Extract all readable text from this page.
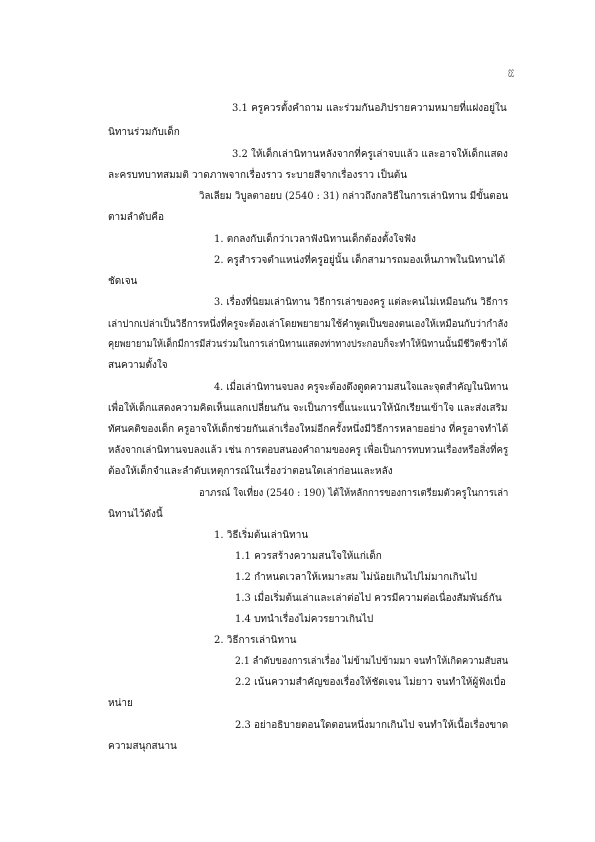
33
3.1 ครูควรตั้งคำถาม และร่วมกันอภิปรายความหมายที่แฝงอยู่ใน
นิทานร่วมกับเด็ก
3.2 ให้เด็กเล่านิทานหลังจากที่ครูเล่าจบแล้ว และอาจให้เด็กแสดง
ละครบทบาทสมมติ วาดภาพจากเรื่องราว ระบายสีจากเรื่องราว เป็นต้น
วิลเลียม วิบูลตาอยบ (2540 : 31) กล่าวถึงกลวิธีในการเล่านิทาน มีขั้นตอน
ตามลำดับคือ
1. ตกลงกับเด็กว่าเวลาฟังนิทานเด็กต้องตั้งใจฟัง
2. ครูสำรวจตำแหน่งที่ครูอยู่นั้น เด็กสามารถมองเห็นภาพในนิทานได้
ชัดเจน
3. เรื่องที่นิยมเล่านิทาน วิธีการเล่าของครู แต่ละคนไม่เหมือนกัน วิธีการ
เล่าปากเปล่าเป็นวิธีการหนึ่งที่ครูจะต้องเล่าโดยพยายามใช้คำพูดเป็นของตนเองให้เหมือนกับว่ากำลัง
คุยพยายามให้เด็กมีการมีส่วนร่วมในการเล่านิทานแสดงท่าทางประกอบก็จะทำให้นิทานนั้นมีชีวิตชีวาได้
สนความตั้งใจ
4. เมื่อเล่านิทานจบลง ครูจะต้องดึงดูดความสนใจและจุดสำคัญในนิทาน
เพื่อให้เด็กแสดงความคิดเห็นแลกเปลี่ยนกัน จะเป็นการขี้แนะแนวให้นักเรียนเข้าใจ และส่งเสริม
ทัศนคติของเด็ก ครูอาจให้เด็กช่วยกันเล่าเรื่องใหม่อีกครั้งหนึ่งมีวิธีการหลายอย่าง ที่ครูอาจทำได้
หลังจากเล่านิทานจบลงแล้ว เช่น การตอบสนองคำถามของครู เพื่อเป็นการทบทวนเรื่องหรือสิ่งที่ครู
ต้องให้เด็กจำและลำดับเหตุการณ์ในเรื่องว่าตอนใดเล่าก่อนและหลัง
อาภรณ์ ใจเที่ยง (2540 : 190) ได้ให้หลักการของการเตรียมตัวครูในการเล่า
นิทานไว้ดังนี้
1. วิธีเริ่มต้นเล่านิทาน
1.1 ควรสร้างความสนใจให้แก่เด็ก
1.2 กำหนดเวลาให้เหมาะสม ไม่น้อยเกินไปไม่มากเกินไป
1.3 เมื่อเริ่มต้นเล่าและเล่าต่อไป ควรมีความต่อเนื่องสัมพันธ์กัน
1.4 บทนำเรื่องไม่ควรยาวเกินไป
2. วิธีการเล่านิทาน
2.1 ลำดับของการเล่าเรื่อง ไม่ข้ามไปข้ามมา จนทำให้เกิดความสับสน
2.2 เน้นความสำคัญของเรื่องให้ชัดเจน ไม่ยาว จนทำให้ผู้ฟังเบื่อ
หน่าย
2.3 อย่าอธิบายตอนใดตอนหนึ่งมากเกินไป จนทำให้เนื้อเรื่องขาด
ความสนุกสนาน
